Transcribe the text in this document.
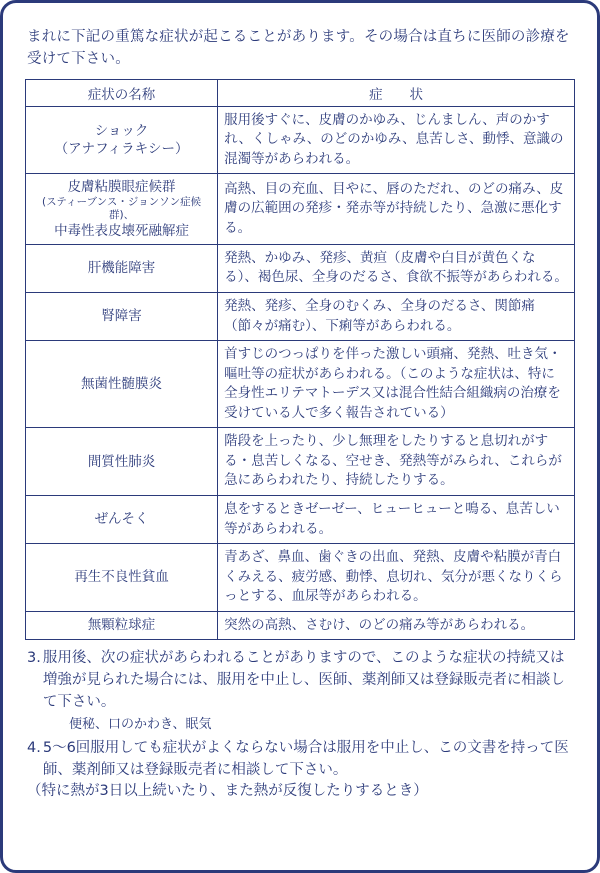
まれに下記の重篤な症状が起こることがあります。その場合は直ちに医師の診療を受けて下さい。

症状の名称	症　　状

ショック
（アナフィラキシー）	服用後すぐに、皮膚のかゆみ、じんましん、声のかすれ、くしゃみ、のどのかゆみ、息苦しさ、動悸、意識の混濁等があらわれる。

皮膚粘膜眼症候群
(スティーブンス・ジョンソン症候群)、
中毒性表皮壊死融解症	高熱、目の充血、目やに、唇のただれ、のどの痛み、皮膚の広範囲の発疹・発赤等が持続したり、急激に悪化する。
肝機能障害	発熱、かゆみ、発疹、黄疸（皮膚や白目が黄色くなる）、褐色尿、全身のだるさ、食欲不振等があらわれる。
腎障害	発熱、発疹、全身のむくみ、全身のだるさ、関節痛（節々が痛む）、下痢等があらわれる。
無菌性髄膜炎	首すじのつっぱりを伴った激しい頭痛、発熱、吐き気・嘔吐等の症状があらわれる。（このような症状は、特に全身性エリテマトーデス又は混合性結合組織病の治療を受けている人で多く報告されている）
間質性肺炎	階段を上ったり、少し無理をしたりすると息切れがする・息苦しくなる、空せき、発熱等がみられ、これらが急にあらわれたり、持続したりする。
ぜんそく	息をするときゼーゼー、ヒューヒューと鳴る、息苦しい等があらわれる。
再生不良性貧血	青あざ、鼻血、歯ぐきの出血、発熱、皮膚や粘膜が青白くみえる、疲労感、動悸、息切れ、気分が悪くなりくらっとする、血尿等があらわれる。
無顆粒球症	突然の高熱、さむけ、のどの痛み等があらわれる。
3. 服用後、次の症状があらわれることがありますので、このような症状の持続又は増強が見られた場合には、服用を中止し、医師、薬剤師又は登録販売者に相談して下さい。
便秘、口のかわき、眠気
4. 5〜6回服用しても症状がよくならない場合は服用を中止し、この文書を持って医師、薬剤師又は登録販売者に相談して下さい。
（特に熱が3日以上続いたり、また熱が反復したりするとき）
